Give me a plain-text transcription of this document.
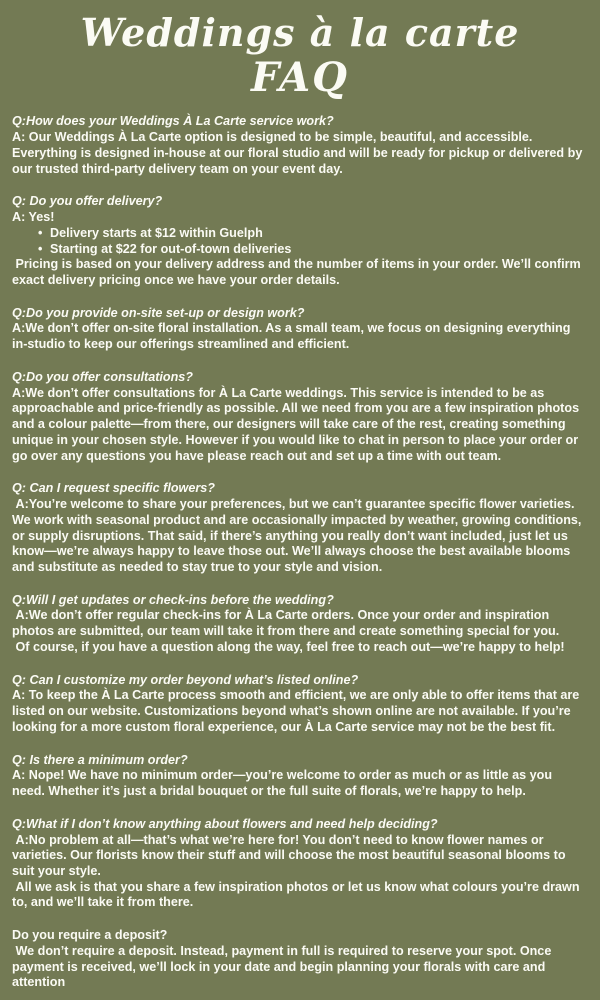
Weddings à la carte
FAQ

Q:How does your Weddings À La Carte service work?

A: Our Weddings À La Carte option is designed to be simple, beautiful, and accessible. Everything is designed in-house at our floral studio and will be ready for pickup or delivered by our trusted third-party delivery team on your event day.

Q: Do you offer delivery?

A: Yes!

• Delivery starts at $12 within Guelph
• Starting at $22 for out-of-town deliveries

Pricing is based on your delivery address and the number of items in your order. We’ll confirm exact delivery pricing once we have your order details.

Q:Do you provide on-site set-up or design work?

A:We don’t offer on-site floral installation. As a small team, we focus on designing everything in-studio to keep our offerings streamlined and efficient.

Q:Do you offer consultations?

A:We don’t offer consultations for À La Carte weddings. This service is intended to be as approachable and price-friendly as possible. All we need from you are a few inspiration photos and a colour palette—from there, our designers will take care of the rest, creating something unique in your chosen style. However if you would like to chat in person to place your order or go over any questions you have please reach out and set up a time with out team.

Q: Can I request specific flowers?

A:You’re welcome to share your preferences, but we can’t guarantee specific flower varieties. We work with seasonal product and are occasionally impacted by weather, growing conditions, or supply disruptions. That said, if there’s anything you really don’t want included, just let us know—we’re always happy to leave those out. We’ll always choose the best available blooms and substitute as needed to stay true to your style and vision.

Q:Will I get updates or check-ins before the wedding?

A:We don’t offer regular check-ins for À La Carte orders. Once your order and inspiration photos are submitted, our team will take it from there and create something special for you.

Of course, if you have a question along the way, feel free to reach out—we’re happy to help!

Q: Can I customize my order beyond what’s listed online?

A: To keep the À La Carte process smooth and efficient, we are only able to offer items that are listed on our website. Customizations beyond what’s shown online are not available. If you’re looking for a more custom floral experience, our À La Carte service may not be the best fit.

Q: Is there a minimum order?

A: Nope! We have no minimum order—you’re welcome to order as much or as little as you need. Whether it’s just a bridal bouquet or the full suite of florals, we’re happy to help.

Q:What if I don’t know anything about flowers and need help deciding?

A:No problem at all—that’s what we’re here for! You don’t need to know flower names or varieties. Our florists know their stuff and will choose the most beautiful seasonal blooms to suit your style.

All we ask is that you share a few inspiration photos or let us know what colours you’re drawn to, and we’ll take it from there.

Do you require a deposit?

We don’t require a deposit. Instead, payment in full is required to reserve your spot. Once payment is received, we’ll lock in your date and begin planning your florals with care and attention
